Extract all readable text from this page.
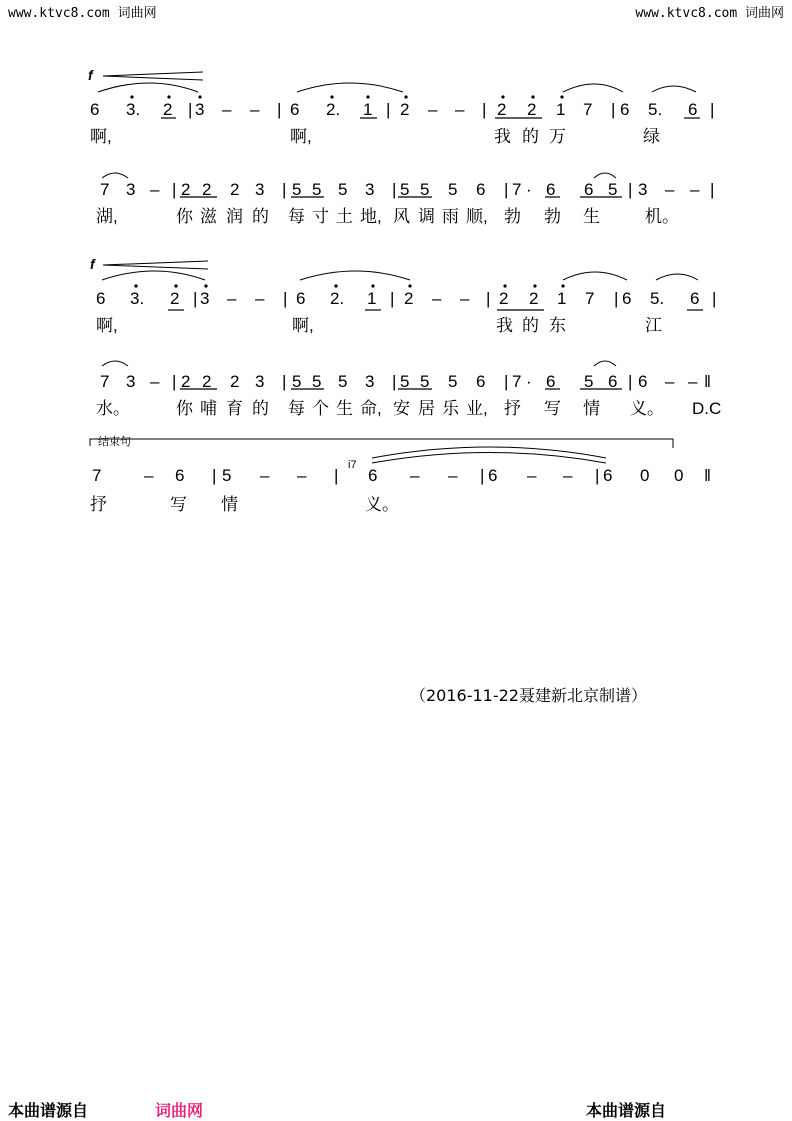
www.ktvc8.com 词曲网	www.ktvc8.com 词曲网
f
f
6 3. 2 | 3 – – | 6 2. 1 | 2 – – | 2 2 1 7 | 6 5. 6 |
啊,	啊,	我 的 万	绿
7 3 – | 2 2 2 3 | 5 5 5 3 | 5 5 5 6 | 7 · 6 6 5 | 3 – – |
湖,	你 滋 润 的 每 寸 土 地, 风 调 雨 顺, 勃 勃 生	机。
6 3. 2 | 3 – – | 6 2. 1 | 2 – – | 2 2 1 7 | 6 5. 6 |
啊,	啊,	我 的 东	江
7 3 – | 2 2 2 3 | 5 5 5 3 | 5 5 5 6 | 7 · 6 5 6 | 6 – – ‖
水。	你 哺 育 的 每 个 生 命, 安 居 乐 业, 抒 写 情 义。 D.C
结束句
i7
7	– 6 | 5 – – | 6 – – | 6 – – | 6 0 0 ‖
抒	写 情	义。
（2016-11-22聂建新北京制谱）
本曲谱源自	词曲网	本曲谱源自
